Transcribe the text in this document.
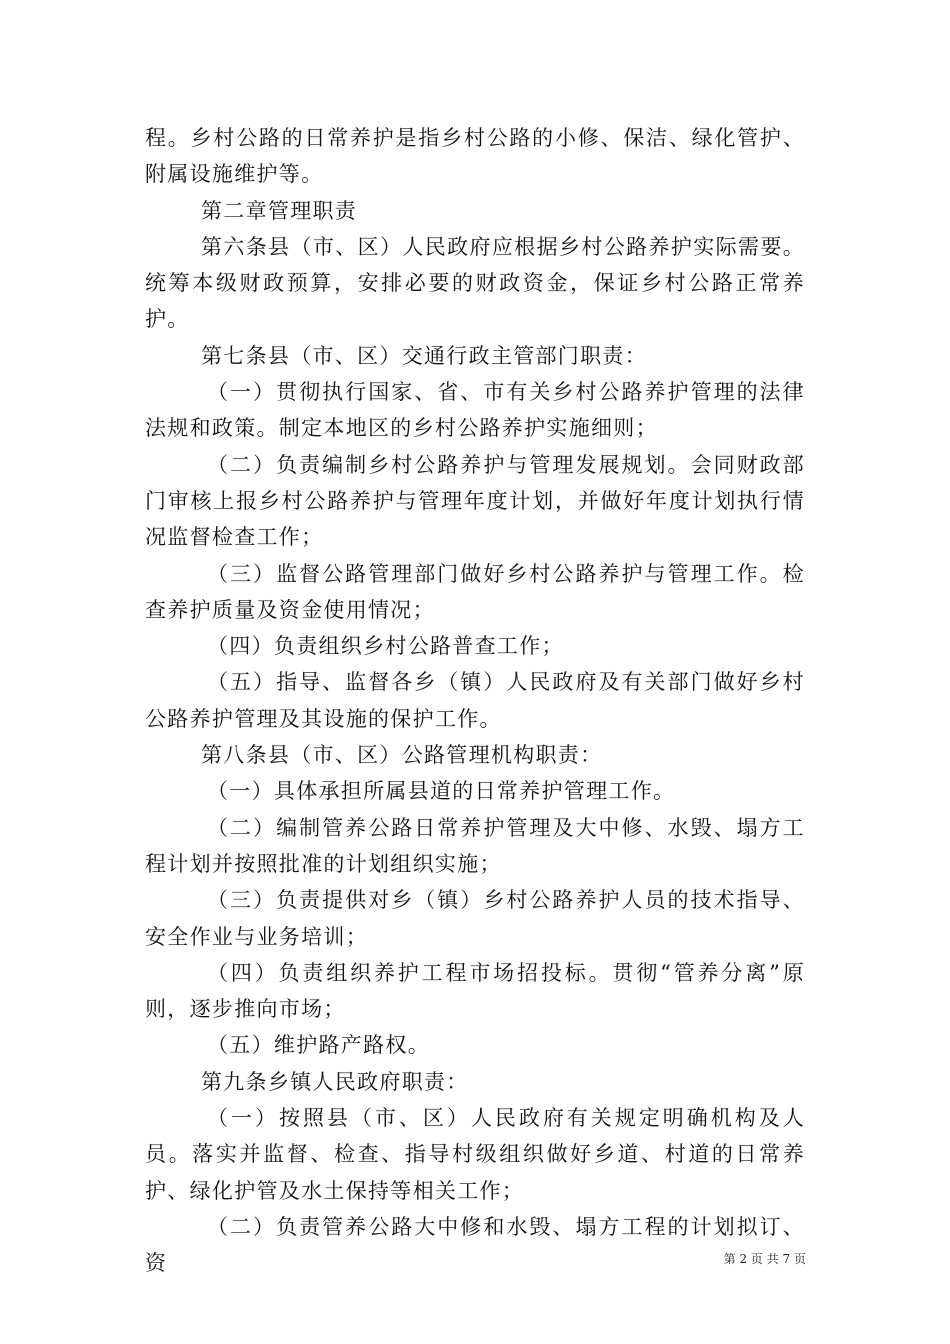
程。乡村公路的日常养护是指乡村公路的小修、保洁、绿化管护、附属设施维护等。

第二章管理职责

第六条县（市、区）人民政府应根据乡村公路养护实际需要。统筹本级财政预算，安排必要的财政资金，保证乡村公路正常养护。

第七条县（市、区）交通行政主管部门职责：

（一）贯彻执行国家、省、市有关乡村公路养护管理的法律法规和政策。制定本地区的乡村公路养护实施细则；

（二）负责编制乡村公路养护与管理发展规划。会同财政部门审核上报乡村公路养护与管理年度计划，并做好年度计划执行情况监督检查工作；

（三）监督公路管理部门做好乡村公路养护与管理工作。检查养护质量及资金使用情况；

（四）负责组织乡村公路普查工作；

（五）指导、监督各乡（镇）人民政府及有关部门做好乡村公路养护管理及其设施的保护工作。

第八条县（市、区）公路管理机构职责：

（一）具体承担所属县道的日常养护管理工作。

（二）编制管养公路日常养护管理及大中修、水毁、塌方工程计划并按照批准的计划组织实施；

（三）负责提供对乡（镇）乡村公路养护人员的技术指导、安全作业与业务培训；

（四）负责组织养护工程市场招投标。贯彻“管养分离”原则，逐步推向市场；

（五）维护路产路权。

第九条乡镇人民政府职责：

（一）按照县（市、区）人民政府有关规定明确机构及人员。落实并监督、检查、指导村级组织做好乡道、村道的日常养护、绿化护管及水土保持等相关工作；

（二）负责管养公路大中修和水毁、塌方工程的计划拟订、资	第 2 页 共 7 页
